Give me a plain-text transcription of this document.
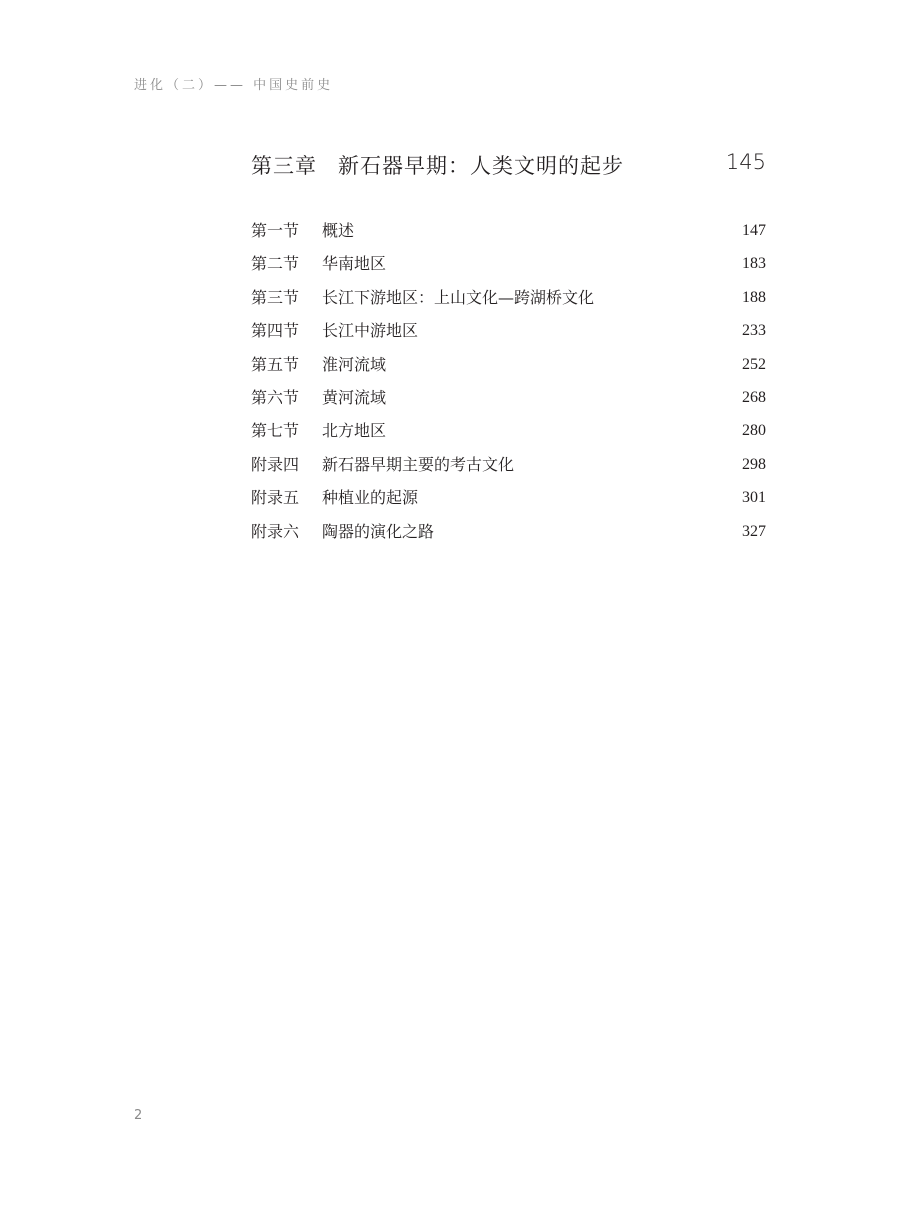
进化（二）—— 中国史前史
第三章 新石器早期：人类文明的起步	145
第一节 概述	147
第二节 华南地区	183
第三节 长江下游地区：上山文化—跨湖桥文化	188
第四节 长江中游地区	233
第五节 淮河流域	252
第六节 黄河流域	268
第七节 北方地区	280
附录四 新石器早期主要的考古文化	298
附录五 种植业的起源	301
附录六 陶器的演化之路	327
2
